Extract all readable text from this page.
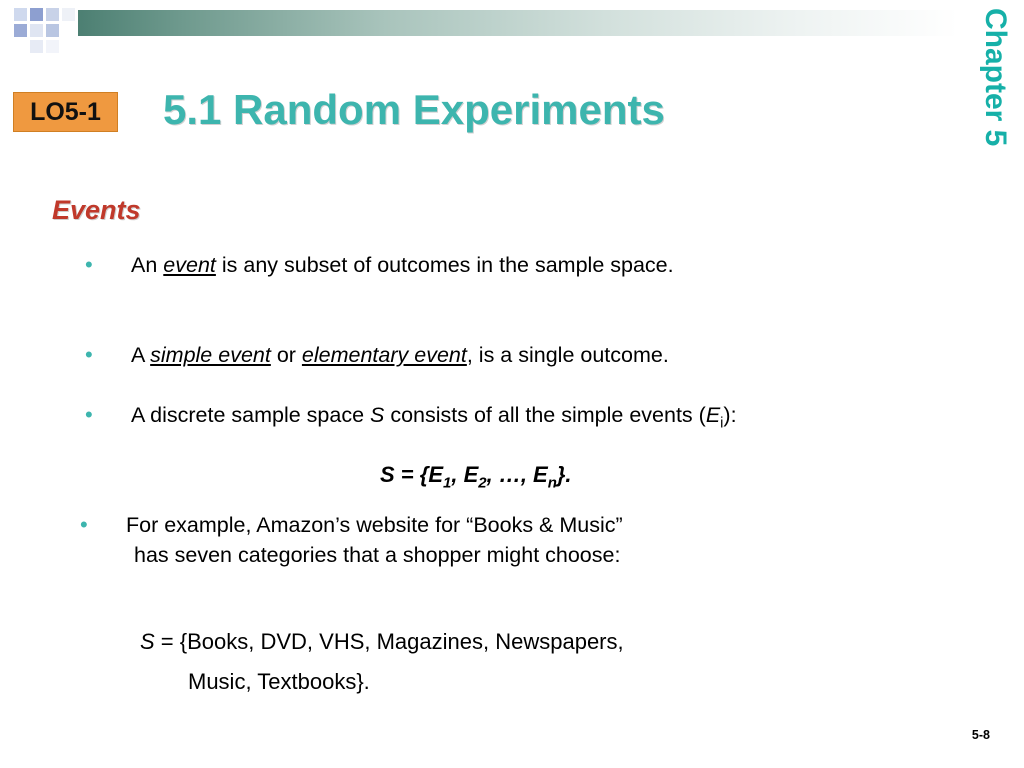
Chapter 5
LO5-1	5.1 Random Experiments
Events
• An event is any subset of outcomes in the sample space.
• A simple event or elementary event, is a single outcome.
• A discrete sample space S consists of all the simple events $(E_i)$:
$S = \{E_1$, $E_2$, …, $E_n$}.
• For example, Amazon’s website for “Books & Music”
has seven categories that a shopper might choose:
S = {Books, DVD, VHS, Magazines, Newspapers,
Music, Textbooks}.
5-8
